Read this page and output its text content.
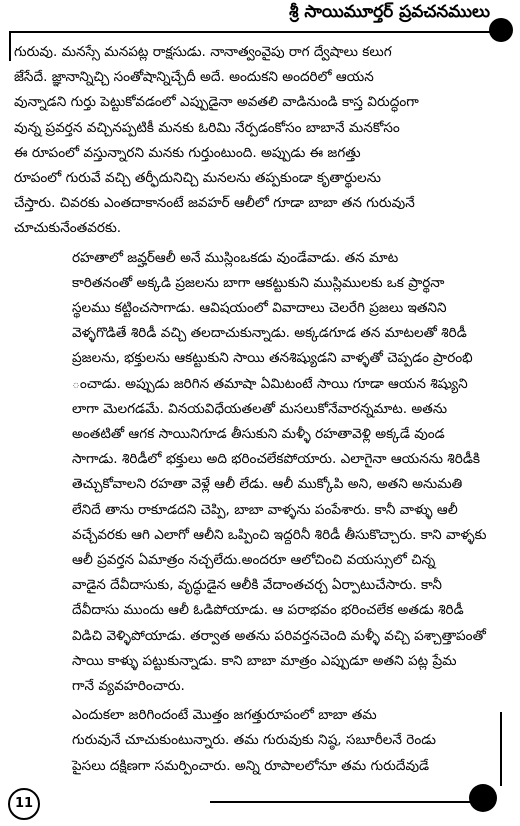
శ్రీ సాయిమూర్తర్ ప్రవచనములు

గురువు. మనస్సే మనపట్ల రాక్షసుడు. నానాత్వంవైపు రాగ ద్వేషాలు కలుగ
జేసేదే. జ్ఞానాన్నిచ్చి సంతోషాన్నిచ్చేదీ అదే. అందుకని అందరిలో ఆయన
వున్నాడని గుర్తు పెట్టుకోవడంలో ఎప్పుడైనా అవతలి వాడినుండి కాస్త విరుద్ధంగా
వున్న ప్రవర్తన వచ్చినప్పటికీ మనకు ఓరిమి నేర్పడంకోసం బాబానే మనకోసం
ఈ రూపంలో వస్తున్నారని మనకు గుర్తుంటుంది. అప్పుడు ఈ జగత్తు
రూపంలో గురువే వచ్చి తర్ఫీదునిచ్చి మనలను తప్పకుండా కృతార్థులను
చేస్తారు. చివరకు ఎంతదాకానంటే జవహర్ ఆలీలో గూడా బాబా తన గురువునే
చూచుకునేంతవరకు.

రహతాలో జవ్హర్ఆలీ అనే ముస్లింఒకడు వుండేవాడు. తన మాట
కారితనంతో అక్కడి ప్రజలను బాగా ఆకట్టుకుని ముస్లిములకు ఒక ప్రార్థనా
స్థలము కట్టించసాగాడు. ఆవిషయంలో వివాదాలు చెలరేగి ప్రజలు ఇతనిని
వెళ్ళగొడితే శిరిడీ వచ్చి తలదాచుకున్నాడు. అక్కడగూడ తన మాటలతో శిరిడీ
ప్రజలను, భక్తులను ఆకట్టుకుని సాయి తనశిష్యుడని వాళ్ళతో చెప్పడం ప్రారంభి
ంచాడు. అప్పుడు జరిగిన తమాషా ఏమిటంటే సాయి గూడా ఆయన శిష్యుని
లాగా మెలగడమే. వినయవిధేయతలతో మసలుకోనేవారన్నమాట. అతను
అంతటితో ఆగక సాయినిగూడ తీసుకుని మళ్ళీ రహతావెళ్లి అక్కడే వుండ
సాగాడు. శిరిడీలో భక్తులు అది భరించలేకపోయారు. ఎలాగైనా ఆయనను శిరిడీకి
తెచ్చుకోవాలని రహతా వెళ్లే ఆలీ లేడు. ఆలీ ముక్కోపి అని, అతని అనుమతి
లేనిదే తాను రాకూడదని చెప్పి, బాబా వాళ్ళను పంపేశారు. కానీ వాళ్ళు ఆలీ
వచ్చేవరకు ఆగి ఎలాగో ఆలీని ఒప్పించి ఇద్దరినీ శిరిడీ తీసుకొచ్చారు. కాని వాళ్ళకు
ఆలీ ప్రవర్తన ఏమాత్రం నచ్చలేదు.అందరూ ఆలోచించి వయస్సులో చిన్న
వాడైన దేవీదాసుకు, వృద్ధుడైన ఆలీకి వేదాంతచర్చ ఏర్పాటుచేసారు. కానీ
దేవీదాసు ముందు ఆలీ ఓడిపోయాడు. ఆ పరాభవం భరించలేక అతడు శిరిడీ
విడిచి వెళ్ళిపోయాడు. తర్వాత అతను పరివర్తనచెంది మళ్ళీ వచ్చి పశ్చాత్తాపంతో
సాయి కాళ్ళు పట్టుకున్నాడు. కాని బాబా మాత్రం ఎప్పుడూ అతని పట్ల ప్రేమ
గానే వ్యవహరించారు.

ఎందుకలా జరిగిందంటే మొత్తం జగత్తురూపంలో బాబా తమ
గురువునే చూచుకుంటున్నారు. తమ గురువుకు నిష్ఠ, సబూరీలనే రెండు
పైసలు దక్షిణగా సమర్పించారు. అన్ని రూపాలలోనూ తమ గురుదేవుడే

11
